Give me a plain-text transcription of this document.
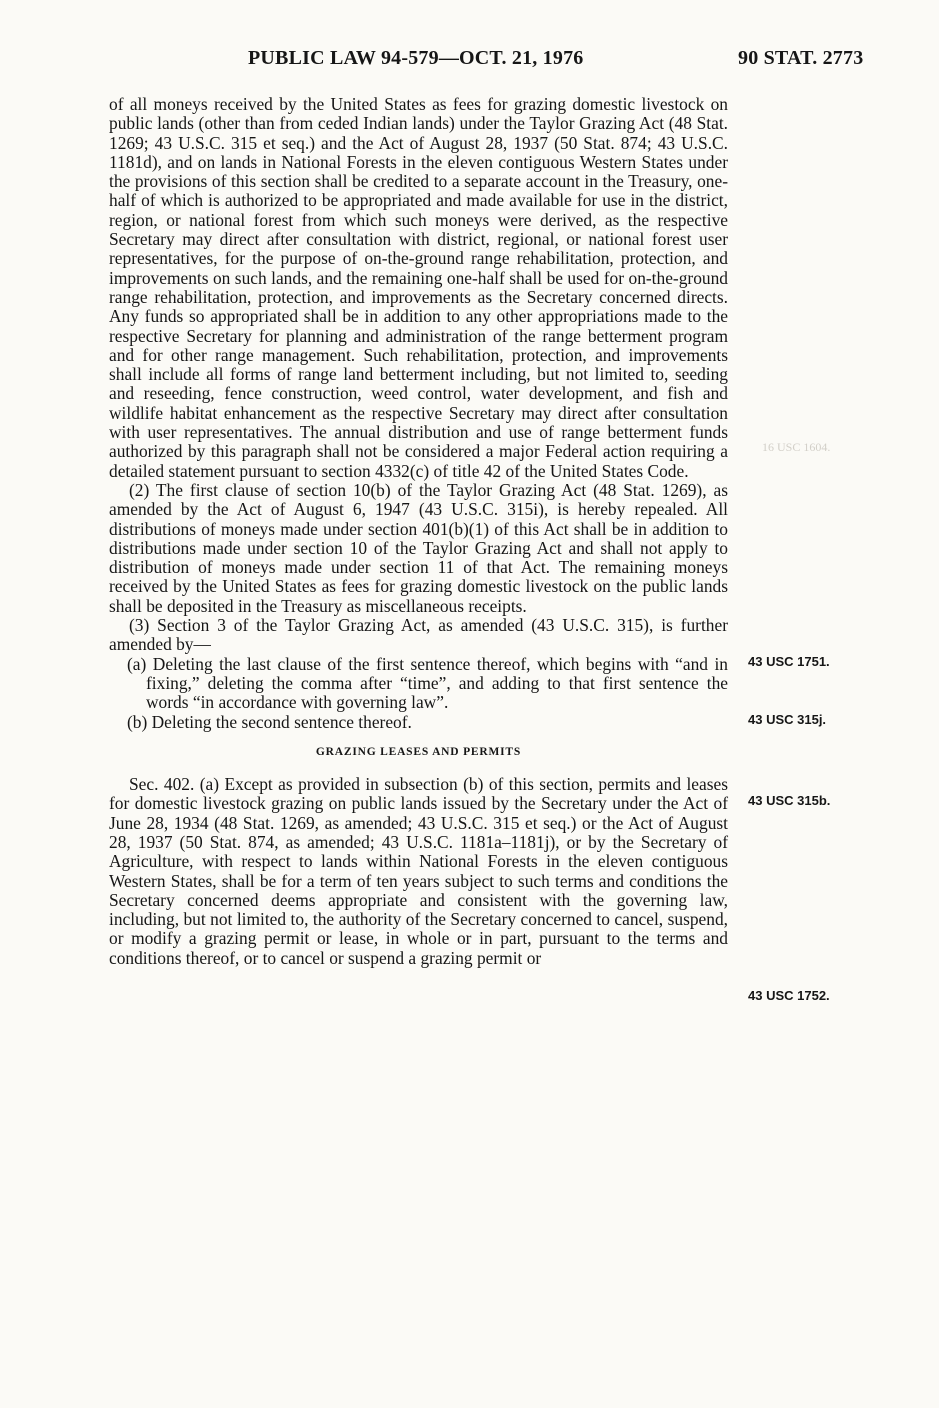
PUBLIC LAW 94-579—OCT. 21, 1976	90 STAT. 2773
16 USC 1604.

of all moneys received by the United States as fees for grazing domestic livestock on public lands (other than from ceded Indian lands) under the Taylor Grazing Act (48 Stat. 1269; 43 U.S.C. 315 et seq.) and the Act of August 28, 1937 (50 Stat. 874; 43 U.S.C. 1181d), and on lands in National Forests in the eleven contiguous Western States under the provisions of this section shall be credited to a separate account in the Treasury, one-half of which is authorized to be appropriated and made available for use in the district, region, or national forest from which such moneys were derived, as the respective Secretary may direct after consultation with district, regional, or national forest user representatives, for the purpose of on-the-ground range rehabilitation, protection, and improvements on such lands, and the remaining one-half shall be used for on-the-ground range rehabilitation, protection, and improvements as the Secretary concerned directs. Any funds so appropriated shall be in addition to any other appropriations made to the respective Secretary for planning and administration of the range betterment program and for other range management. Such rehabilitation, protection, and improvements shall include all forms of range land betterment including, but not limited to, seeding and reseeding, fence construction, weed control, water development, and fish and wildlife habitat enhancement as the respective Secretary may direct after consultation with user representatives. The annual distribution and use of range betterment funds authorized by this paragraph shall not be considered a major Federal action requiring a detailed statement pursuant to section 4332(c) of title 42 of the United States Code.

(2) The first clause of section 10(b) of the Taylor Grazing Act (48 Stat. 1269), as amended by the Act of August 6, 1947 (43 U.S.C. 315i), is hereby repealed. All distributions of moneys made under section 401(b)(1) of this Act shall be in addition to distributions made under section 10 of the Taylor Grazing Act and shall not apply to distribution of moneys made under section 11 of that Act. The remaining moneys received by the United States as fees for grazing domestic livestock on the public lands shall be deposited in the Treasury as miscellaneous receipts.

(3) Section 3 of the Taylor Grazing Act, as amended (43 U.S.C. 315), is further amended by—

(a) Deleting the last clause of the first sentence thereof, which begins with “and in fixing,” deleting the comma after “time”, and adding to that first sentence the words “in accordance with governing law”.

(b) Deleting the second sentence thereof.

GRAZING LEASES AND PERMITS

Sec. 402. (a) Except as provided in subsection (b) of this section, permits and leases for domestic livestock grazing on public lands issued by the Secretary under the Act of June 28, 1934 (48 Stat. 1269, as amended; 43 U.S.C. 315 et seq.) or the Act of August 28, 1937 (50 Stat. 874, as amended; 43 U.S.C. 1181a–1181j), or by the Secretary of Agriculture, with respect to lands within National Forests in the eleven contiguous Western States, shall be for a term of ten years subject to such terms and conditions the Secretary concerned deems appropriate and consistent with the governing law, including, but not limited to, the authority of the Secretary concerned to cancel, suspend, or modify a grazing permit or lease, in whole or in part, pursuant to the terms and conditions thereof, or to cancel or suspend a grazing permit or

43 USC 1751.
43 USC 315j.
43 USC 315b.
43 USC 1752.
